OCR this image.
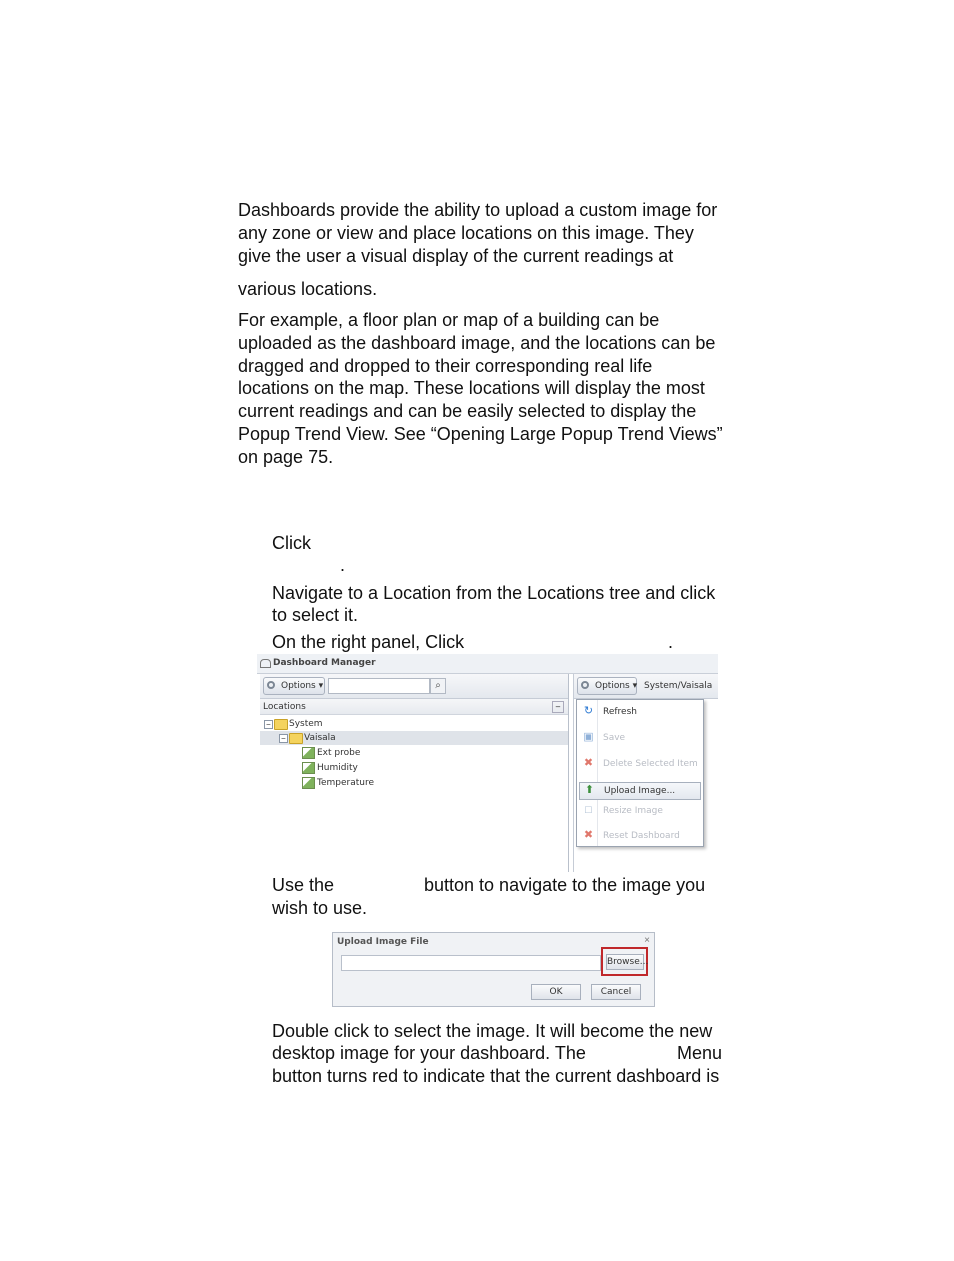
Dashboards provide the ability to upload a custom image for
any zone or view and place locations on this image. They
give the user a visual display of the current readings at
various locations.
For example, a floor plan or map of a building can be
uploaded as the dashboard image, and the locations can be
dragged and dropped to their corresponding real life
locations on the map. These locations will display the most
current readings and can be easily selected to display the
Popup Trend View. See “Opening Large Popup Trend Views”
on page 75.
Click
.
Navigate to a Location from the Locations tree and click
to select it.
On the right panel, Click	.
Dashboard Manager
Options ▾	⌕
Locations	–
– System
– Vaisala
Ext probe
Humidity
Temperature
Options ▾ System/Vaisala
↻ Refresh
▣ Save
✖ Delete Selected Item
⬆ Upload Image...
□ Resize Image
✖ Reset Dashboard
Use the	button to navigate to the image you
wish to use.
Upload Image File	×
Browse...
OK	Cancel
Double click to select the image. It will become the new
desktop image for your dashboard. The	Menu
button turns red to indicate that the current dashboard is
